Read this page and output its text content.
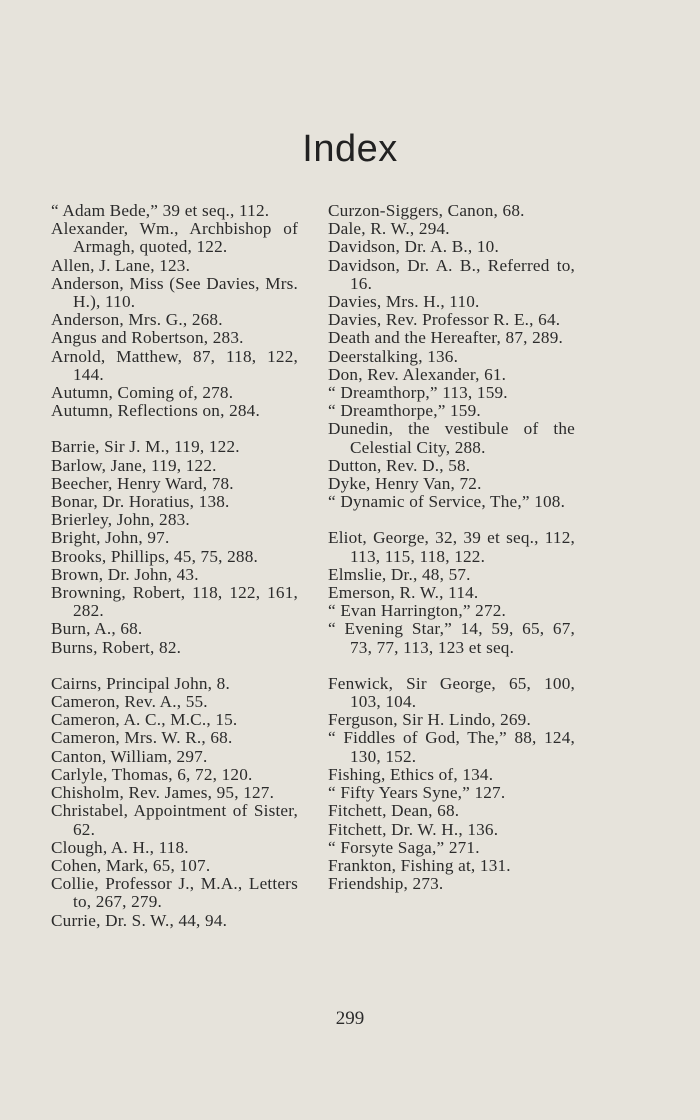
Index

“ Adam Bede,” 39 et seq., 112.

Alexander, Wm., Archbishop of Armagh, quoted, 122.

Allen, J. Lane, 123.

Anderson, Miss (See Davies, Mrs. H.), 110.

Anderson, Mrs. G., 268.

Angus and Robertson, 283.

Arnold, Matthew, 87, 118, 122, 144.

Autumn, Coming of, 278.

Autumn, Reflections on, 284.

Barrie, Sir J. M., 119, 122.

Barlow, Jane, 119, 122.

Beecher, Henry Ward, 78.

Bonar, Dr. Horatius, 138.

Brierley, John, 283.

Bright, John, 97.

Brooks, Phillips, 45, 75, 288.

Brown, Dr. John, 43.

Browning, Robert, 118, 122, 161, 282.

Burn, A., 68.

Burns, Robert, 82.

Cairns, Principal John, 8.

Cameron, Rev. A., 55.

Cameron, A. C., M.C., 15.

Cameron, Mrs. W. R., 68.

Canton, William, 297.

Carlyle, Thomas, 6, 72, 120.

Chisholm, Rev. James, 95, 127.

Christabel, Appointment of Sister, 62.

Clough, A. H., 118.

Cohen, Mark, 65, 107.

Collie, Professor J., M.A., Letters to, 267, 279.

Currie, Dr. S. W., 44, 94.

Curzon-Siggers, Canon, 68.

Dale, R. W., 294.

Davidson, Dr. A. B., 10.

Davidson, Dr. A. B., Referred to, 16.

Davies, Mrs. H., 110.

Davies, Rev. Professor R. E., 64.

Death and the Hereafter, 87, 289.

Deerstalking, 136.

Don, Rev. Alexander, 61.

“ Dreamthorp,” 113, 159.

“ Dreamthorpe,” 159.

Dunedin, the vestibule of the Celestial City, 288.

Dutton, Rev. D., 58.

Dyke, Henry Van, 72.

“ Dynamic of Service, The,” 108.

Eliot, George, 32, 39 et seq., 112, 113, 115, 118, 122.

Elmslie, Dr., 48, 57.

Emerson, R. W., 114.

“ Evan Harrington,” 272.

“ Evening Star,” 14, 59, 65, 67, 73, 77, 113, 123 et seq.

Fenwick, Sir George, 65, 100, 103, 104.

Ferguson, Sir H. Lindo, 269.

“ Fiddles of God, The,” 88, 124, 130, 152.

Fishing, Ethics of, 134.

“ Fifty Years Syne,” 127.

Fitchett, Dean, 68.

Fitchett, Dr. W. H., 136.

“ Forsyte Saga,” 271.

Frankton, Fishing at, 131.

Friendship, 273.

299
